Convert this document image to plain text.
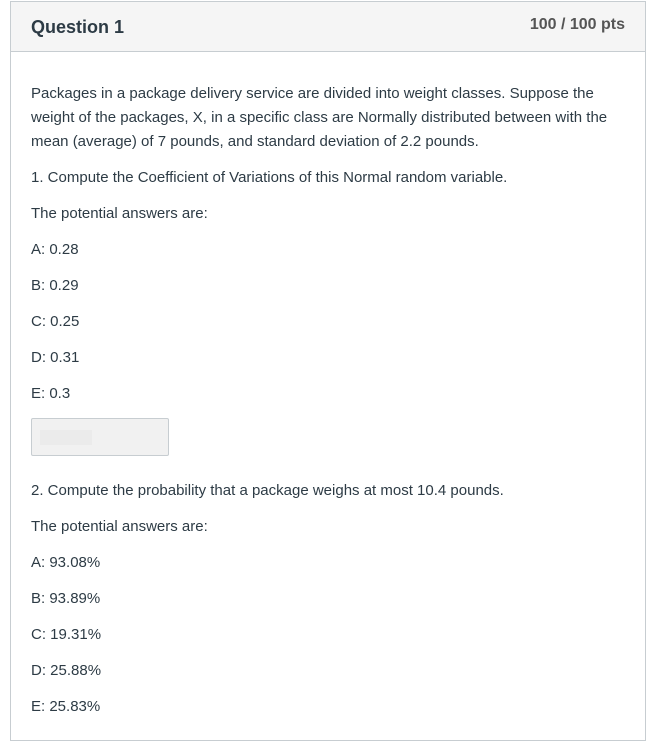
Question 1	100 / 100 pts

Packages in a package delivery service are divided into weight classes. Suppose the weight of the packages, X, in a specific class are Normally distributed between with the mean (average) of 7 pounds, and standard deviation of 2.2 pounds.

1. Compute the Coefficient of Variations of this Normal random variable.

The potential answers are:

A: 0.28

B: 0.29

C: 0.25

D: 0.31

E: 0.3

2. Compute the probability that a package weighs at most 10.4 pounds.

The potential answers are:

A: 93.08%

B: 93.89%

C: 19.31%

D: 25.88%

E: 25.83%
